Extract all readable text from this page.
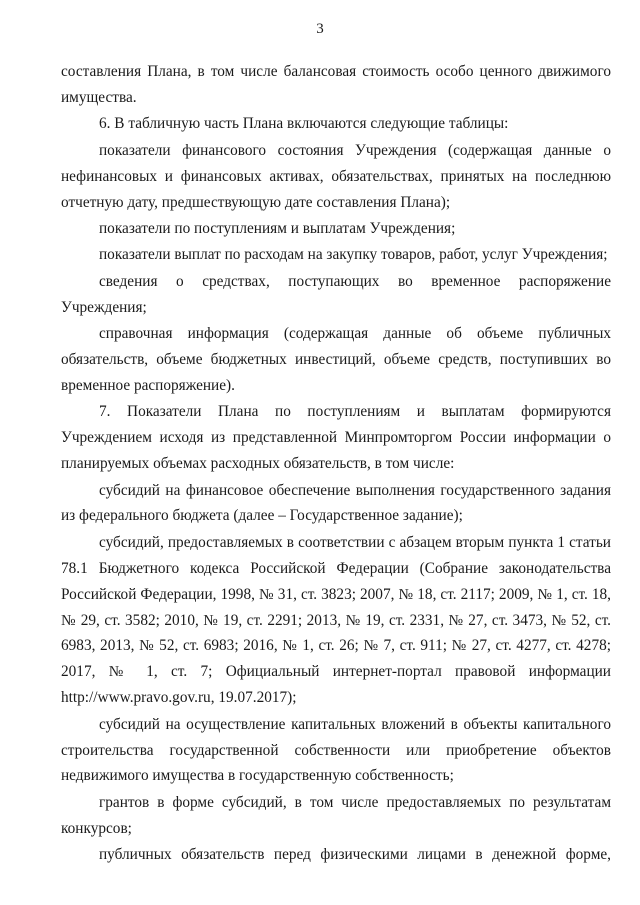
3

составления Плана, в том числе балансовая стоимость особо ценного движимого имущества.

6. В табличную часть Плана включаются следующие таблицы:

показатели финансового состояния Учреждения (содержащая данные о нефинансовых и финансовых активах, обязательствах, принятых на последнюю отчетную дату, предшествующую дате составления Плана);

показатели по поступлениям и выплатам Учреждения;

показатели выплат по расходам на закупку товаров, работ, услуг Учреждения;

сведения о средствах, поступающих во временное распоряжение Учреждения;

справочная информация (содержащая данные об объеме публичных обязательств, объеме бюджетных инвестиций, объеме средств, поступивших во временное распоряжение).

7. Показатели Плана по поступлениям и выплатам формируются Учреждением исходя из представленной Минпромторгом России информации о планируемых объемах расходных обязательств, в том числе:

субсидий на финансовое обеспечение выполнения государственного задания из федерального бюджета (далее – Государственное задание);

субсидий, предоставляемых в соответствии с абзацем вторым пункта 1 статьи 78.1 Бюджетного кодекса Российской Федерации (Собрание законодательства Российской Федерации, 1998, № 31, ст. 3823; 2007, № 18, ст. 2117; 2009, № 1, ст. 18, № 29, ст. 3582; 2010, № 19, ст. 2291; 2013, № 19, ст. 2331, № 27, ст. 3473, № 52, ст. 6983, 2013, № 52, ст. 6983; 2016, № 1, ст. 26; № 7, ст. 911; № 27, ст. 4277, ст. 4278; 2017, № 1, ст. 7; Официальный интернет-портал правовой информации http://www.pravo.gov.ru, 19.07.2017);

субсидий на осуществление капитальных вложений в объекты капитального строительства государственной собственности или приобретение объектов недвижимого имущества в государственную собственность;

грантов в форме субсидий, в том числе предоставляемых по результатам конкурсов;

публичных обязательств перед физическими лицами в денежной форме,
